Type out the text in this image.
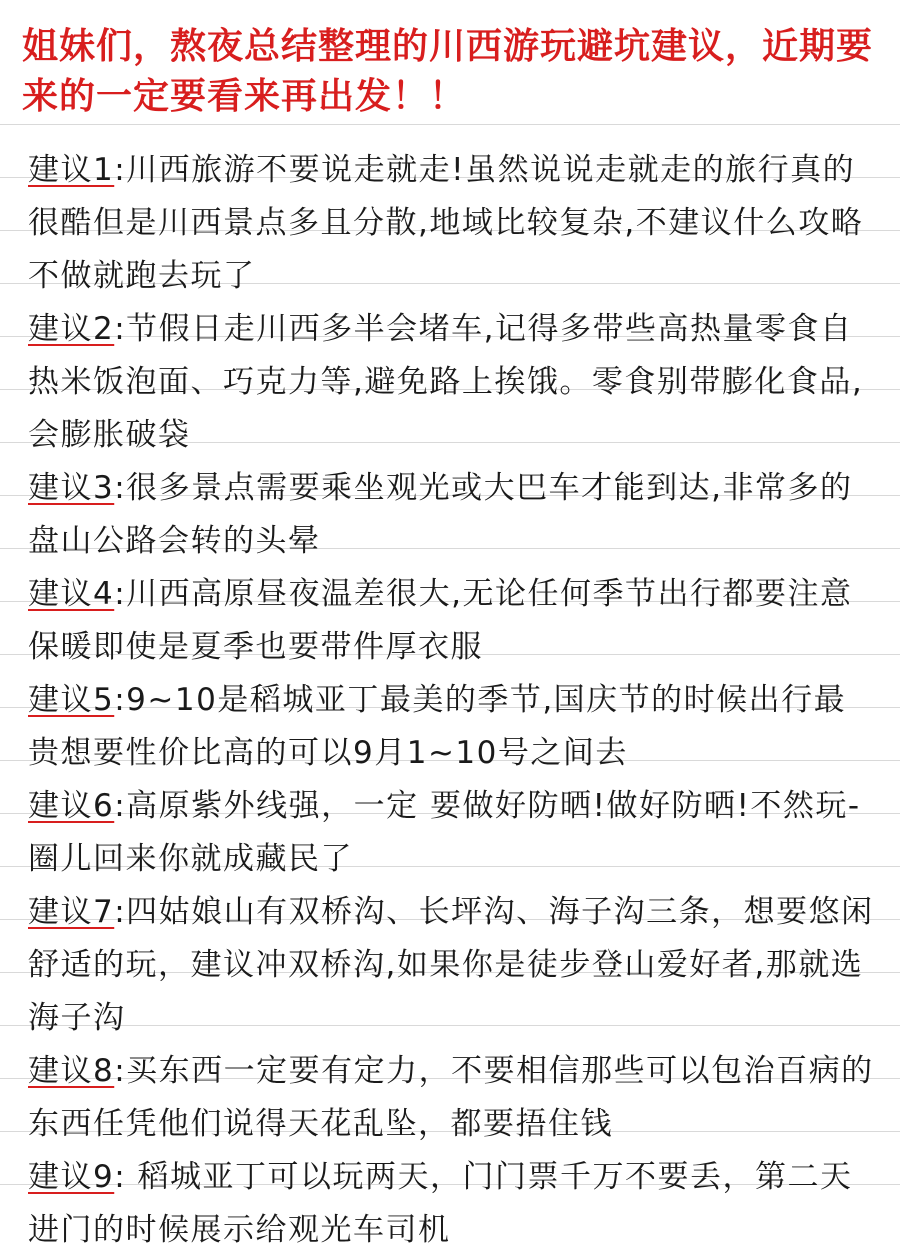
姐妹们，熬夜总结整理的川西游玩避坑建议，近期要来的一定要看来再出发！！

建议1:川西旅游不要说走就走!虽然说说走就走的旅行真的很酷但是川西景点多且分散,地域比较复杂,不建议什么攻略不做就跑去玩了

建议2:节假日走川西多半会堵车,记得多带些高热量零食自热米饭泡面、巧克力等,避免路上挨饿。零食别带膨化食品,会膨胀破袋

建议3:很多景点需要乘坐观光或大巴车才能到达,非常多的盘山公路会转的头晕

建议4:川西高原昼夜温差很大,无论任何季节出行都要注意保暖即使是夏季也要带件厚衣服

建议5:9~10是稻城亚丁最美的季节,国庆节的时候出行最贵想要性价比高的可以9月1~10号之间去

建议6:高原紫外线强，一定 要做好防晒!做好防晒!不然玩-圈儿回来你就成藏民了

建议7:四姑娘山有双桥沟、长坪沟、海子沟三条，想要悠闲舒适的玩，建议冲双桥沟,如果你是徒步登山爱好者,那就选海子沟

建议8:买东西一定要有定力，不要相信那些可以包治百病的东西任凭他们说得天花乱坠，都要捂住钱

建议9: 稻城亚丁可以玩两天，门门票千万不要丢，第二天进门的时候展示给观光车司机
